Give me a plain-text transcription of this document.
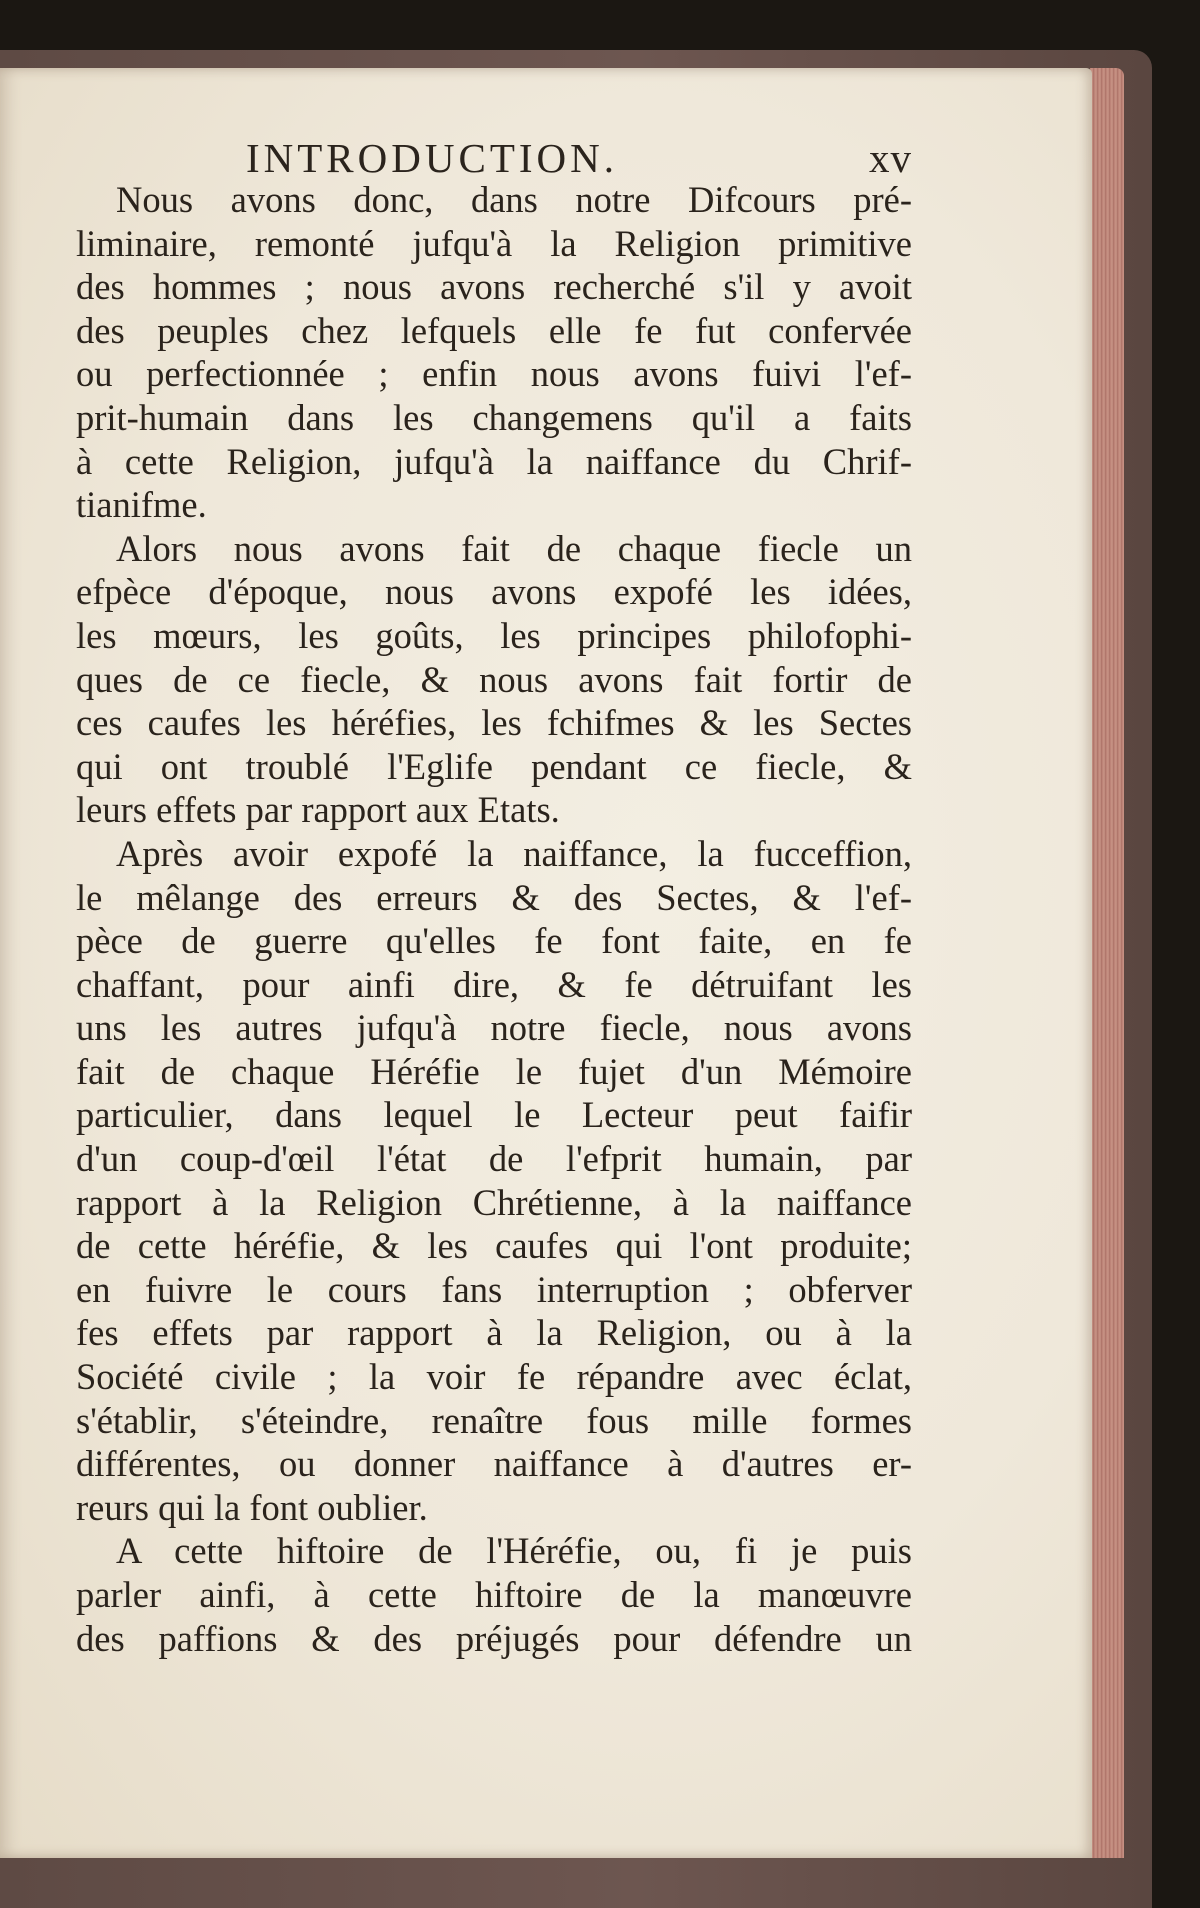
INTRODUCTION.	xv

Nous avons donc, dans notre Difcours pré-
liminaire, remonté jufqu'à la Religion primitive
des hommes ; nous avons recherché s'il y avoit
des peuples chez lefquels elle fe fut confervée
ou perfectionnée ; enfin nous avons fuivi l'ef-
prit-humain dans les changemens qu'il a faits
à cette Religion, jufqu'à la naiffance du Chrif-
tianifme.

Alors nous avons fait de chaque fiecle un
efpèce d'époque, nous avons expofé les idées,
les mœurs, les goûts, les principes philofophi-
ques de ce fiecle, & nous avons fait fortir de
ces caufes les héréfies, les fchifmes & les Sectes
qui ont troublé l'Eglife pendant ce fiecle, &
leurs effets par rapport aux Etats.

Après avoir expofé la naiffance, la fucceffion,
le mêlange des erreurs & des Sectes, & l'ef-
pèce de guerre qu'elles fe font faite, en fe
chaffant, pour ainfi dire, & fe détruifant les
uns les autres jufqu'à notre fiecle, nous avons
fait de chaque Héréfie le fujet d'un Mémoire
particulier, dans lequel le Lecteur peut faifir
d'un coup-d'œil l'état de l'efprit humain, par
rapport à la Religion Chrétienne, à la naiffance
de cette héréfie, & les caufes qui l'ont produite;
en fuivre le cours fans interruption ; obferver
fes effets par rapport à la Religion, ou à la
Société civile ; la voir fe répandre avec éclat,
s'établir, s'éteindre, renaître fous mille formes
différentes, ou donner naiffance à d'autres er-
reurs qui la font oublier.

A cette hiftoire de l'Héréfie, ou, fi je puis
parler ainfi, à cette hiftoire de la manœuvre
des paffions & des préjugés pour défendre un
